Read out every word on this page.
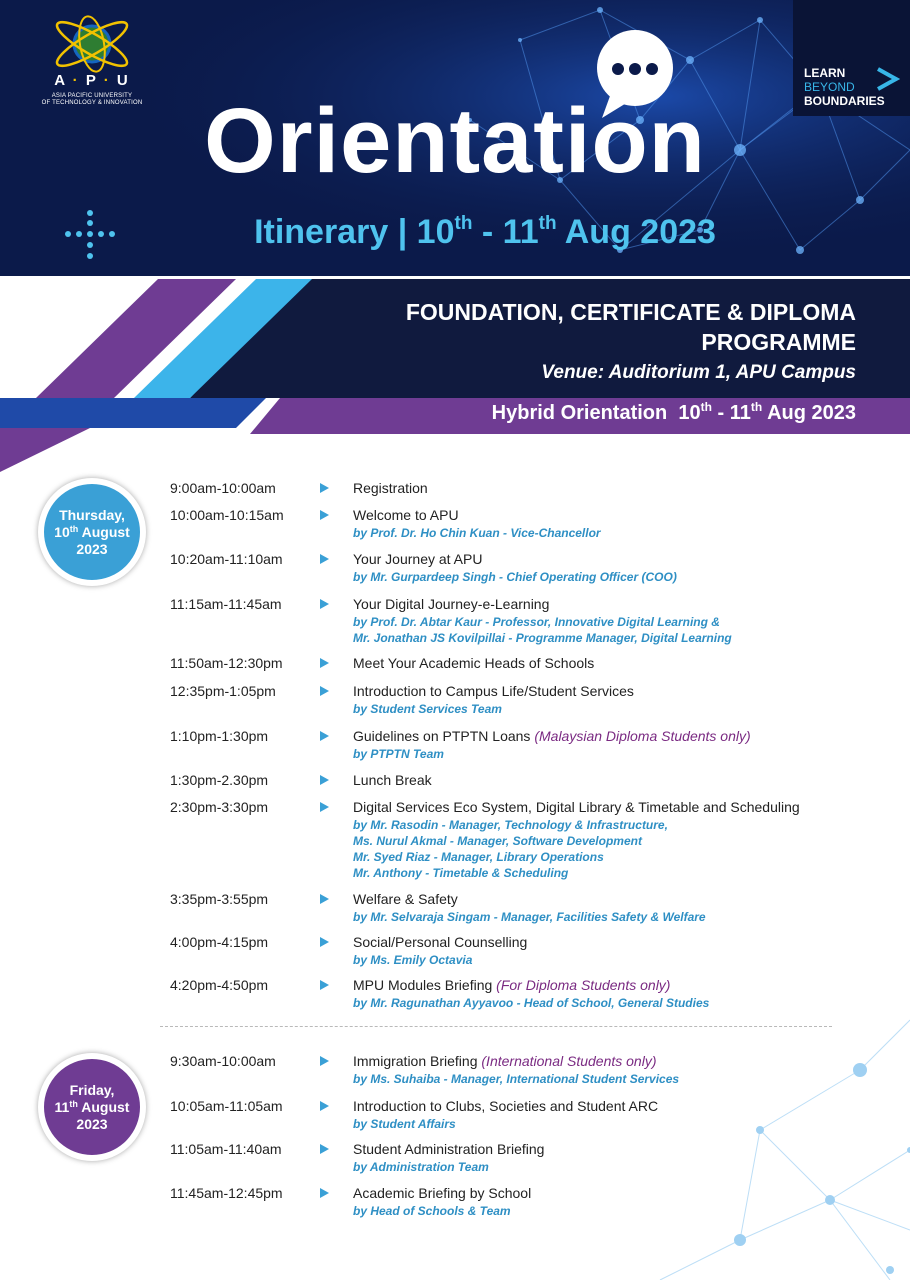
A · P · U
ASIA PACIFIC UNIVERSITY
OF TECHNOLOGY & INNOVATION
LEARN
BEYOND
BOUNDARIES
Orientation
Itinerary | 10th - 11th Aug 2023
FOUNDATION, CERTIFICATE & DIPLOMA
PROGRAMME
Venue: Auditorium 1, APU Campus
Hybrid Orientation 10th - 11th Aug 2023
Thursday,
10th August
2023
Friday,
11th August
2023
9:00am-10:00am	Registration
10:00am-10:15am	Welcome to APU
by Prof. Dr. Ho Chin Kuan - Vice-Chancellor
10:20am-11:10am	Your Journey at APU
by Mr. Gurpardeep Singh - Chief Operating Officer (COO)
11:15am-11:45am	Your Digital Journey-e-Learning
by Prof. Dr. Abtar Kaur - Professor, Innovative Digital Learning &
Mr. Jonathan JS Kovilpillai - Programme Manager, Digital Learning
11:50am-12:30pm	Meet Your Academic Heads of Schools
12:35pm-1:05pm	Introduction to Campus Life/Student Services
by Student Services Team
1:10pm-1:30pm	Guidelines on PTPTN Loans (Malaysian Diploma Students only)
by PTPTN Team
1:30pm-2.30pm	Lunch Break
2:30pm-3:30pm	Digital Services Eco System, Digital Library & Timetable and Scheduling
by Mr. Rasodin - Manager, Technology & Infrastructure,
Ms. Nurul Akmal - Manager, Software Development
Mr. Syed Riaz - Manager, Library Operations
Mr. Anthony - Timetable & Scheduling
3:35pm-3:55pm	Welfare & Safety
by Mr. Selvaraja Singam - Manager, Facilities Safety & Welfare
4:00pm-4:15pm	Social/Personal Counselling
by Ms. Emily Octavia
4:20pm-4:50pm	MPU Modules Briefing (For Diploma Students only)
by Mr. Ragunathan Ayyavoo - Head of School, General Studies
9:30am-10:00am	Immigration Briefing (International Students only)
by Ms. Suhaiba - Manager, International Student Services
10:05am-11:05am	Introduction to Clubs, Societies and Student ARC
by Student Affairs
11:05am-11:40am	Student Administration Briefing
by Administration Team
11:45am-12:45pm	Academic Briefing by School
by Head of Schools & Team
